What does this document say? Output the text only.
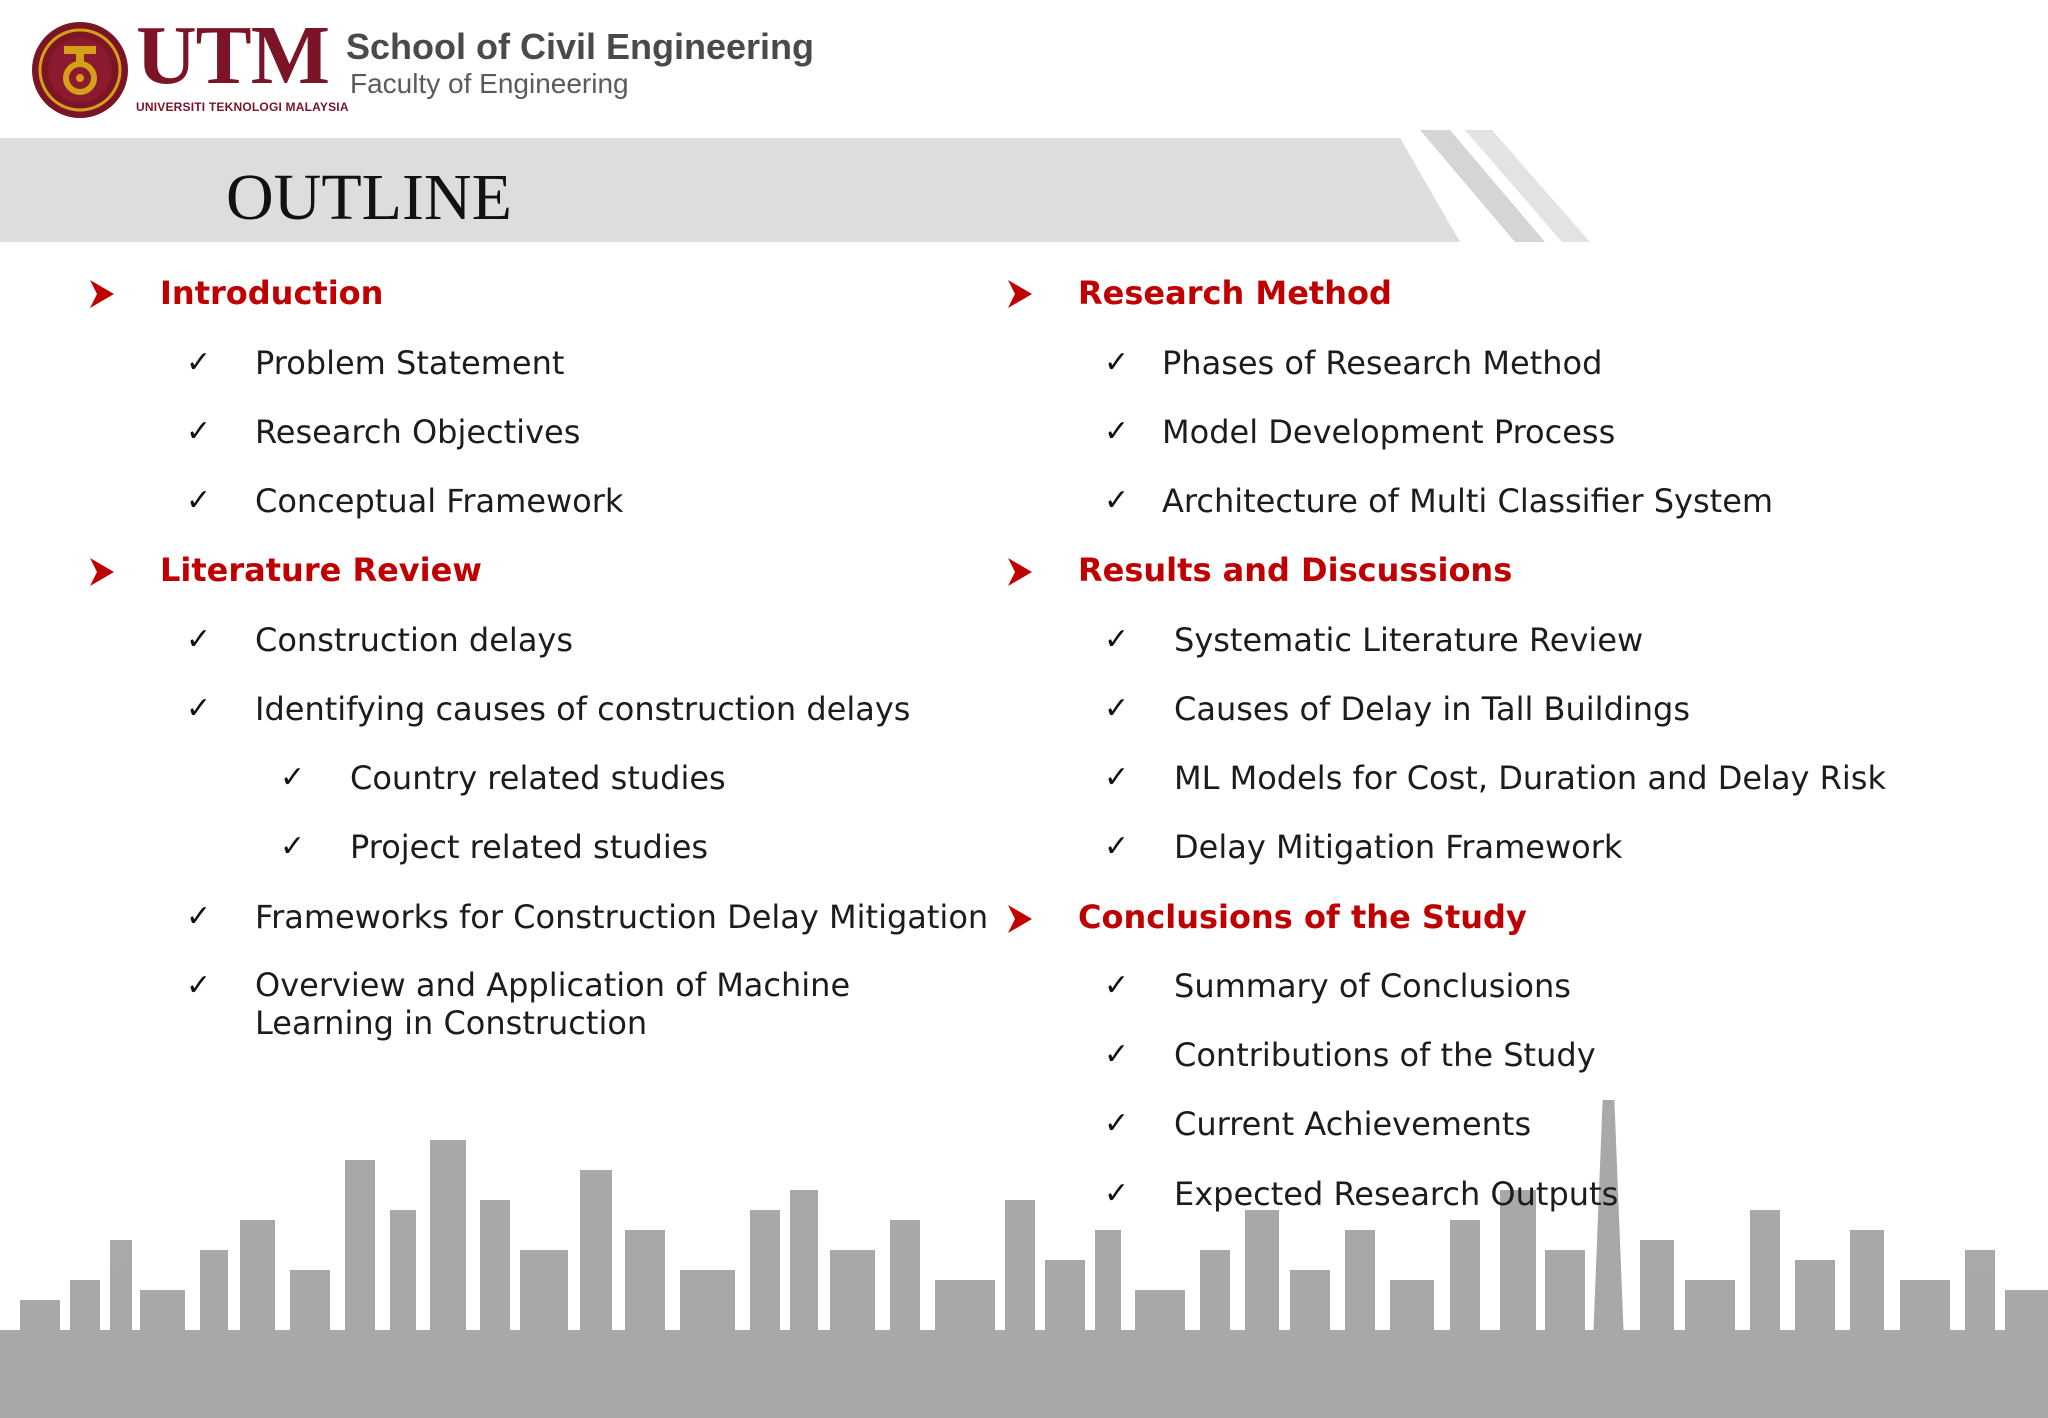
UTM
UNIVERSITI TEKNOLOGI MALAYSIA
School of Civil Engineering
Faculty of Engineering
OUTLINE
Introduction
✓ Problem Statement
✓ Research Objectives
✓ Conceptual Framework
Literature Review
✓ Construction delays
✓ Identifying causes of construction delays
✓ Country related studies
✓ Project related studies
✓ Frameworks for Construction Delay Mitigation
✓ Overview and Application of Machine Learning in Construction
Research Method
✓ Phases of Research Method
✓ Model Development Process
✓ Architecture of Multi Classifier System
Results and Discussions
✓ Systematic Literature Review
✓ Causes of Delay in Tall Buildings
✓ ML Models for Cost, Duration and Delay Risk
✓ Delay Mitigation Framework
Conclusions of the Study
✓ Summary of Conclusions
✓ Contributions of the Study
✓ Current Achievements
✓ Expected Research Outputs
